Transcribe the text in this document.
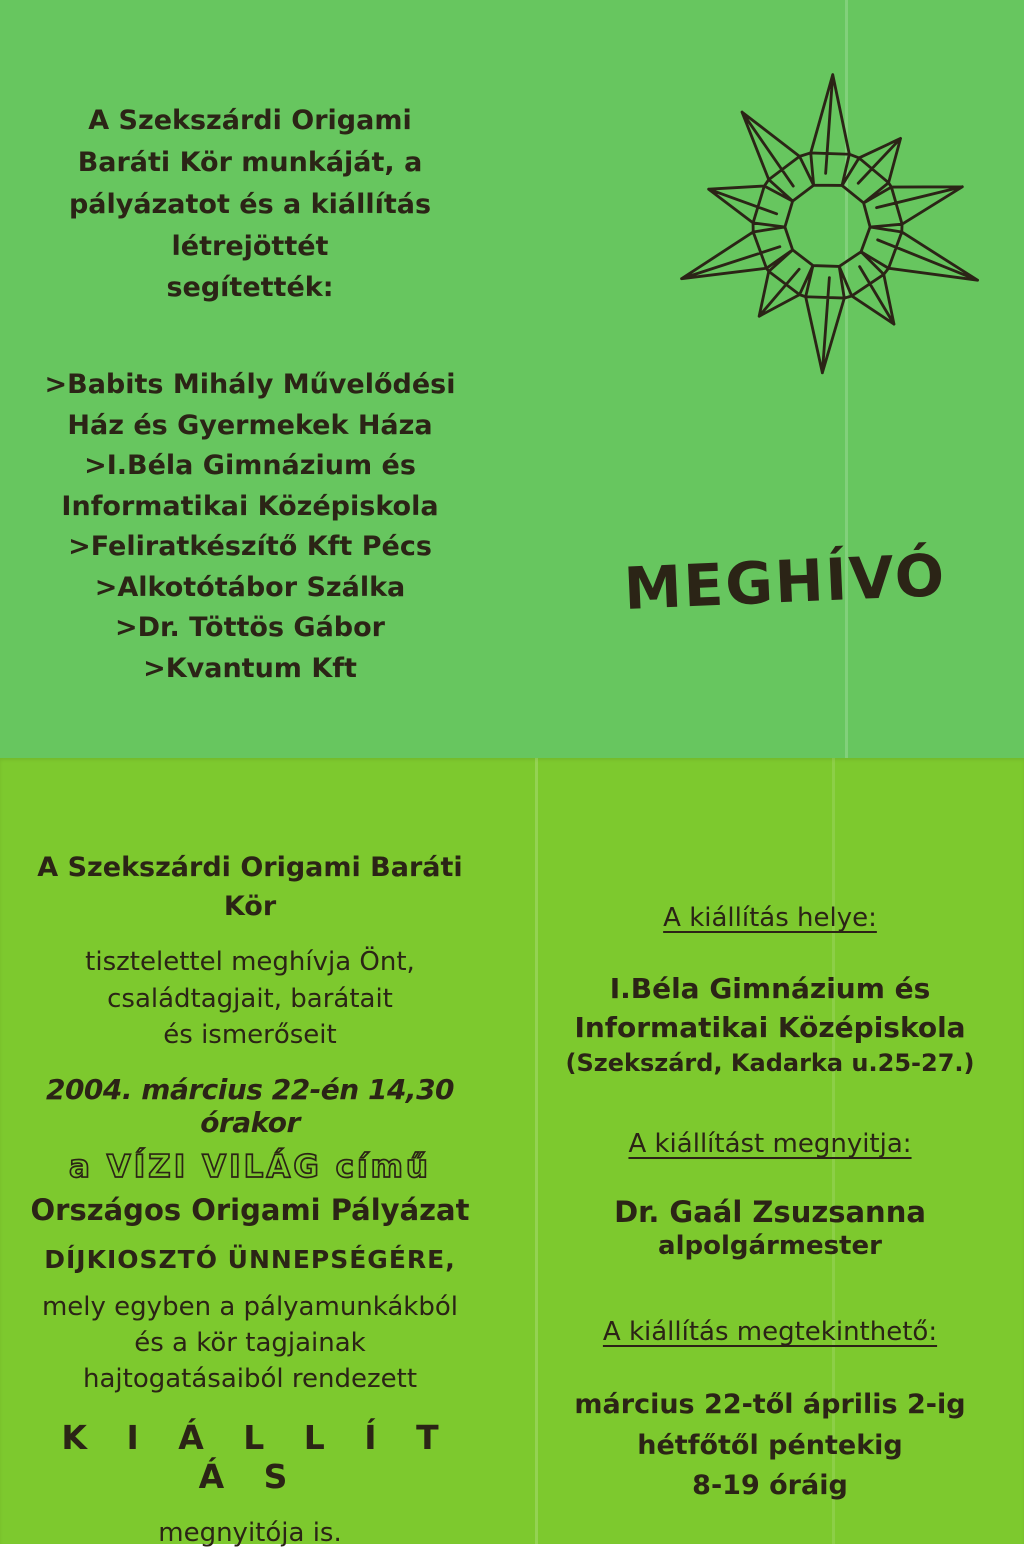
A Szekszárdi Origami
Baráti Kör munkáját, a
pályázatot és a kiállítás
létrejöttét
segítették:
>Babits Mihály Művelődési
Ház és Gyermekek Háza
>I.Béla Gimnázium és
Informatikai Középiskola
>Feliratkészítő Kft Pécs
>Alkotótábor Szálka
>Dr. Töttös Gábor
>Kvantum Kft
MEGHÍVÓ
A Szekszárdi Origami Baráti
Kör
tisztelettel meghívja Önt,
családtagjait, barátait
és ismerőseit
2004. március 22-én 14,30 órakor
a VÍZI VILÁG című
Országos Origami Pályázat
DÍJKIOSZTÓ ÜNNEPSÉGÉRE,
mely egyben a pályamunkákból
és a kör tagjainak
hajtogatásaiból rendezett
K I Á L L Í T Á S
megnyitója is.
A kiállítás helye:
I.Béla Gimnázium és
Informatikai Középiskola
(Szekszárd, Kadarka u.25-27.)
A kiállítást megnyitja:
Dr. Gaál Zsuzsanna
alpolgármester
A kiállítás megtekinthető:
március 22-től április 2-ig
hétfőtől péntekig
8-19 óráig
